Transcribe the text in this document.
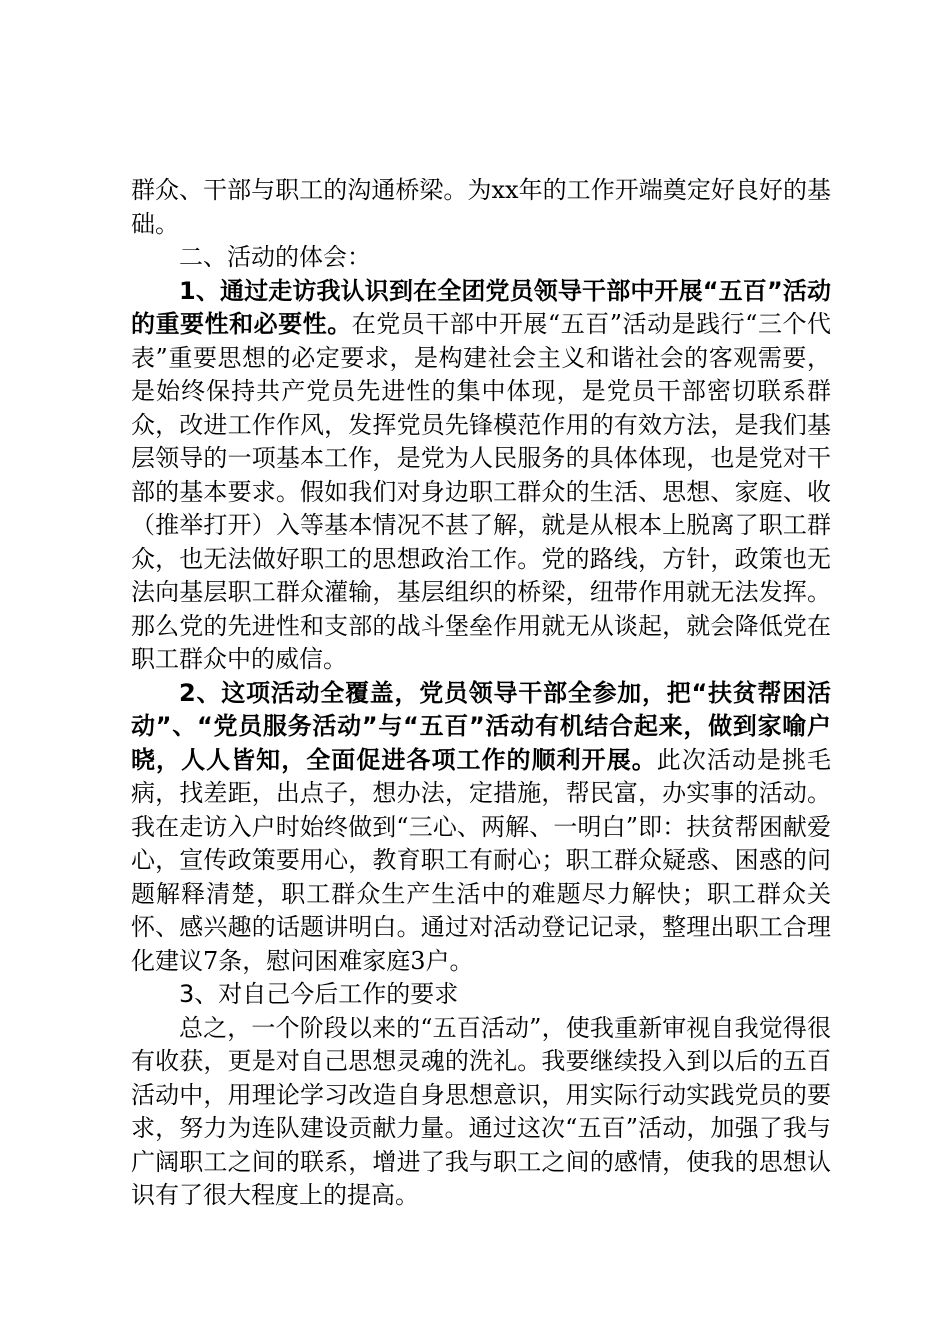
群众、干部与职工的沟通桥梁。为xx年的工作开端奠定好良好的基础。

二、活动的体会：

1、通过走访我认识到在全团党员领导干部中开展“五百”活动的重要性和必要性。在党员干部中开展“五百”活动是践行“三个代表”重要思想的必定要求，是构建社会主义和谐社会的客观需要，是始终保持共产党员先进性的集中体现，是党员干部密切联系群众，改进工作作风，发挥党员先锋模范作用的有效方法，是我们基层领导的一项基本工作，是党为人民服务的具体体现，也是党对干部的基本要求。假如我们对身边职工群众的生活、思想、家庭、收（推举打开）入等基本情况不甚了解，就是从根本上脱离了职工群众，也无法做好职工的思想政治工作。党的路线，方针，政策也无法向基层职工群众灌输，基层组织的桥梁，纽带作用就无法发挥。那么党的先进性和支部的战斗堡垒作用就无从谈起，就会降低党在职工群众中的威信。

2、这项活动全覆盖，党员领导干部全参加，把“扶贫帮困活动”、“党员服务活动”与“五百”活动有机结合起来，做到家喻户晓，人人皆知，全面促进各项工作的顺利开展。此次活动是挑毛病，找差距，出点子，想办法，定措施，帮民富，办实事的活动。我在走访入户时始终做到“三心、两解、一明白”即：扶贫帮困献爱心，宣传政策要用心，教育职工有耐心；职工群众疑惑、困惑的问题解释清楚，职工群众生产生活中的难题尽力解快；职工群众关怀、感兴趣的话题讲明白。通过对活动登记记录，整理出职工合理化建议7条，慰问困难家庭3户。

3、对自己今后工作的要求

总之，一个阶段以来的“五百活动”，使我重新审视自我觉得很有收获，更是对自己思想灵魂的洗礼。我要继续投入到以后的五百活动中，用理论学习改造自身思想意识，用实际行动实践党员的要求，努力为连队建设贡献力量。通过这次“五百”活动，加强了我与广阔职工之间的联系，增进了我与职工之间的感情，使我的思想认识有了很大程度上的提高。
